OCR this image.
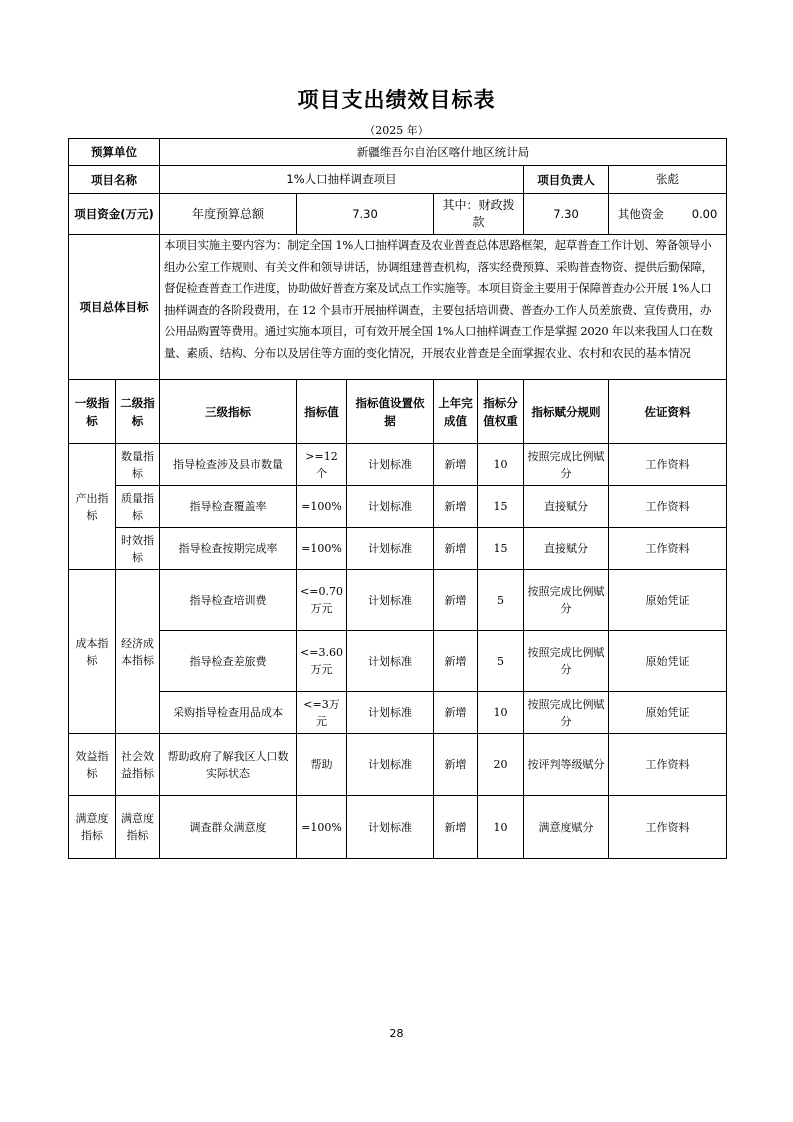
项目支出绩效目标表
（2025 年）
预算单位		新疆维吾尔自治区喀什地区统计局						
项目名称		1%人口抽样调查项目					项目负责人	张彪
项目资金(万元)		年度预算总额	7.30		其中：财政拨款		7.30	其他资金 0.00
项目总体目标		本项目实施主要内容为：制定全国 1%人口抽样调查及农业普查总体思路框架，起草普查工作计划、筹备领导小组办公室工作规则、有关文件和领导讲话，协调组建普查机构，落实经费预算、采购普查物资、提供后勤保障，督促检查普查工作进度，协助做好普查方案及试点工作实施等。本项目资金主要用于保障普查办公开展 1%人口抽样调查的各阶段费用，在 12 个县市开展抽样调查，主要包括培训费、普查办工作人员差旅费、宣传费用，办公用品购置等费用。通过实施本项目，可有效开展全国 1%人口抽样调查工作是掌握 2020 年以来我国人口在数量、素质、结构、分布以及居住等方面的变化情况，开展农业普查是全面掌握农业、农村和农民的基本情况						
一级指标	二级指标	三级指标	指标值	指标值设置依据	上年完成值	指标分值权重	指标赋分规则	佐证资料
产出指标	数量指标	指导检查涉及县市数量	>=12个	计划标准	新增	10	按照完成比例赋分	工作资料
	质量指标	指导检查覆盖率	=100%	计划标准	新增	15	直接赋分	工作资料
	时效指标	指导检查按期完成率	=100%	计划标准	新增	15	直接赋分	工作资料
成本指标	经济成本指标	指导检查培训费	<=0.70万元	计划标准	新增	5	按照完成比例赋分	原始凭证
		指导检查差旅费	<=3.60万元	计划标准	新增	5	按照完成比例赋分	原始凭证
		采购指导检查用品成本	<=3万元	计划标准	新增	10	按照完成比例赋分	原始凭证
效益指标	社会效益指标	帮助政府了解我区人口数实际状态	帮助	计划标准	新增	20	按评判等级赋分	工作资料
满意度指标	满意度指标	调查群众满意度	=100%	计划标准	新增	10	满意度赋分	工作资料
28
